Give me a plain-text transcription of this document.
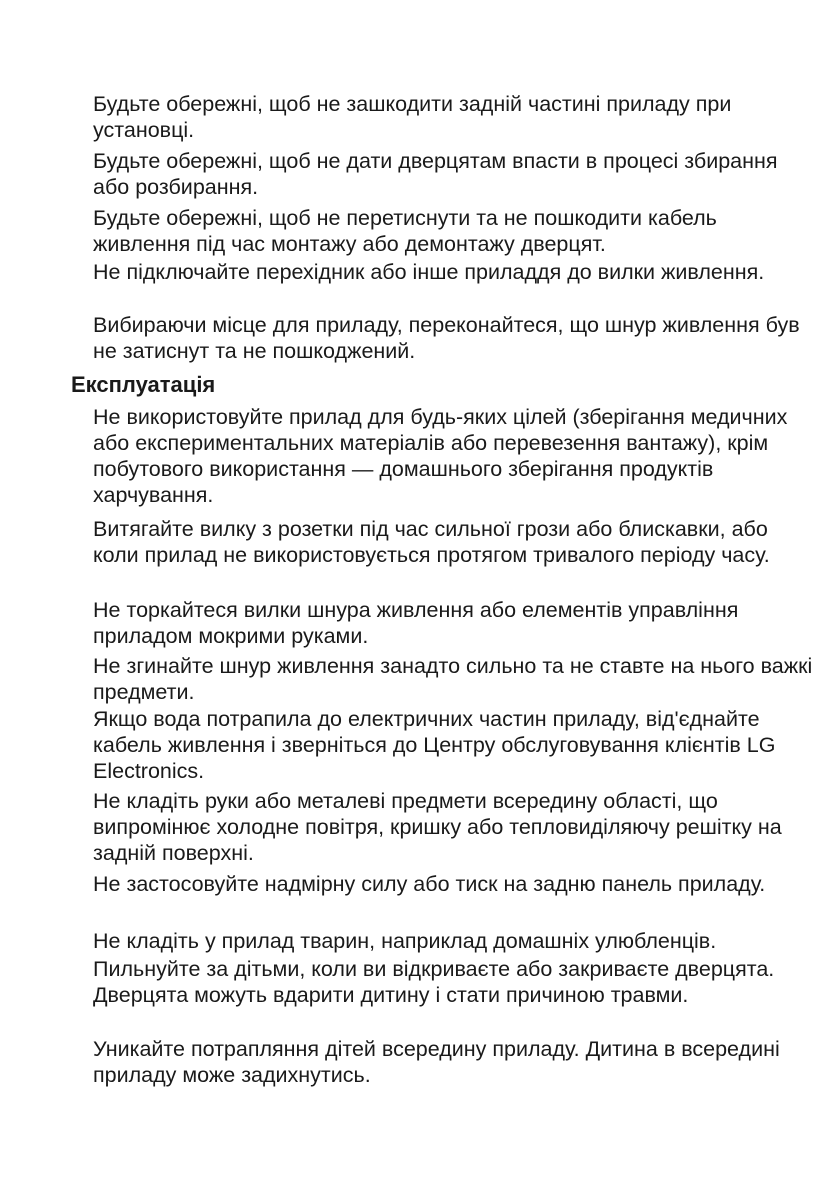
Будьте обережні, щоб не зашкодити задній частині приладу при установці.

Будьте обережні, щоб не дати дверцятам впасти в процесі збирання або розбирання.

Будьте обережні, щоб не перетиснути та не пошкодити кабель живлення під час монтажу або демонтажу дверцят.

Не підключайте перехідник або інше приладдя до вилки живлення.

Вибираючи місце для приладу, переконайтеся, що шнур живлення був не затиснут та не пошкоджений.

Експлуатація

Не використовуйте прилад для будь-яких цілей (зберігання медичних або експериментальних матеріалів або перевезення вантажу), крім побутового використання — домашнього зберігання продуктів харчування.

Витягайте вилку з розетки під час сильної грози або блискавки, або коли прилад не використовується протягом тривалого періоду часу.

Не торкайтеся вилки шнура живлення або елементів управління приладом мокрими руками.

Не згинайте шнур живлення занадто сильно та не ставте на нього важкі предмети.

Якщо вода потрапила до електричних частин приладу, від'єднайте кабель живлення і зверніться до Центру обслуговування клієнтів LG Electronics.

Не кладіть руки або металеві предмети всередину області, що випромінює холодне повітря, кришку або тепловиділяючу решітку на задній поверхні.

Не застосовуйте надмірну силу або тиск на задню панель приладу.

Не кладіть у прилад тварин, наприклад домашніх улюбленців.

Пильнуйте за дітьми, коли ви відкриваєте або закриваєте дверцята. Дверцята можуть вдарити дитину і стати причиною травми.

Уникайте потрапляння дітей всередину приладу. Дитина в всередині приладу може задихнутись.
